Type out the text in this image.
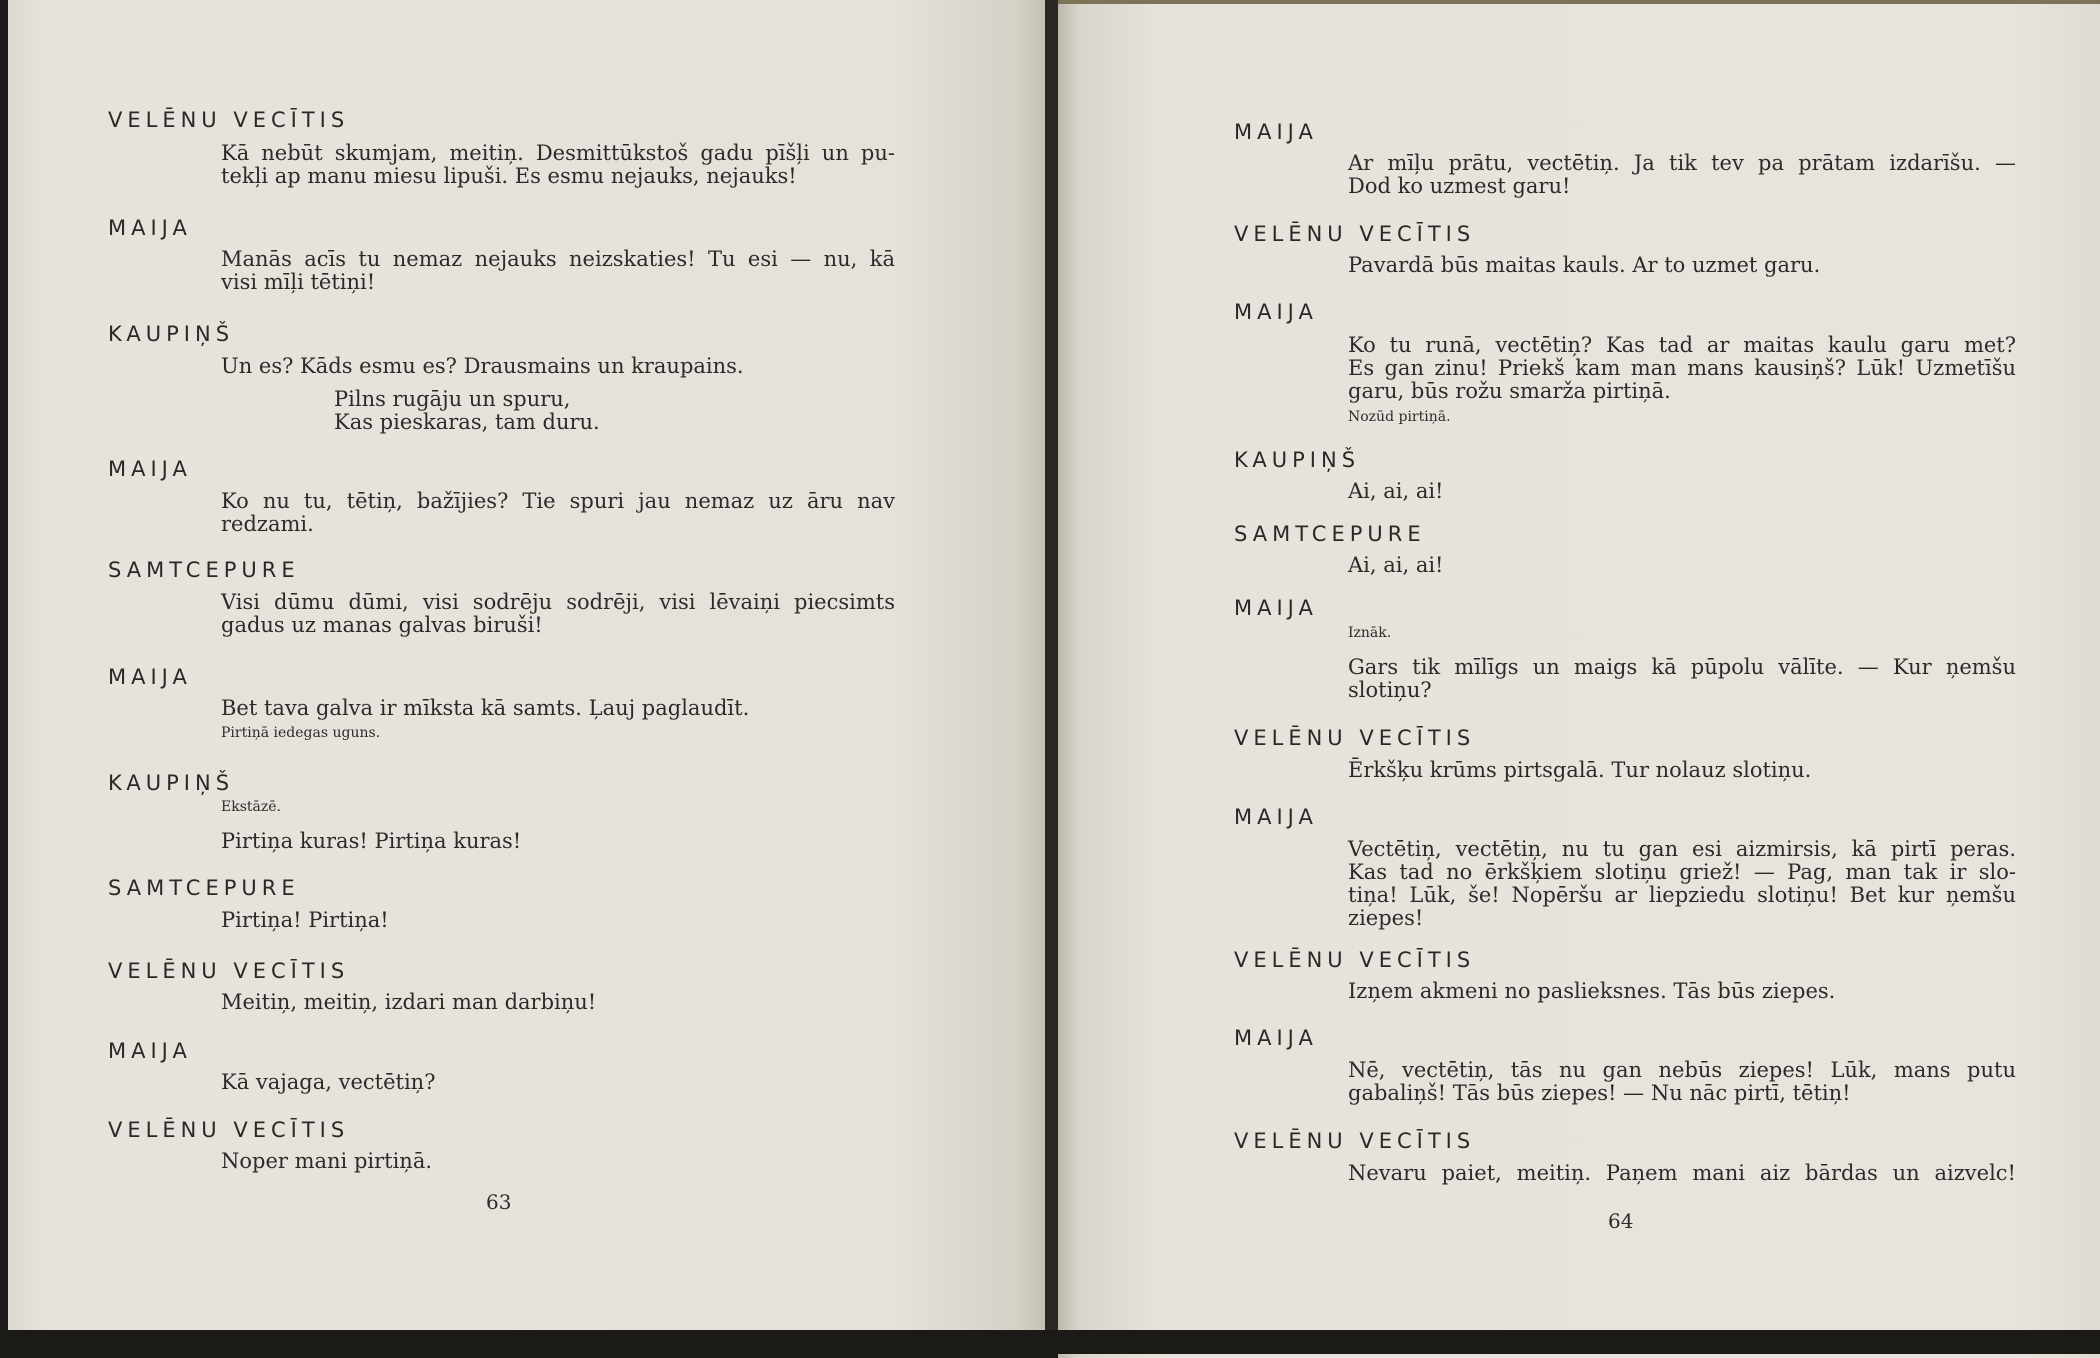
VELĒNU VECĪTIS
Kā nebūt skumjam, meitiņ. Desmittūkstoš gadu pīšļi un pu-
tekļi ap manu miesu lipuši. Es esmu nejauks, nejauks!
MAIJA
Manās acīs tu nemaz nejauks neizskaties! Tu esi — nu, kā
visi mīļi tētiņi!
KAUPIŅŠ
Un es? Kāds esmu es? Drausmains un kraupains.
Pilns rugāju un spuru,
Kas pieskaras, tam duru.
MAIJA
Ko nu tu, tētiņ, bažījies? Tie spuri jau nemaz uz āru nav
redzami.
SAMTCEPURE
Visi dūmu dūmi, visi sodrēju sodrēji, visi lēvaiņi piecsimts
gadus uz manas galvas biruši!
MAIJA
Bet tava galva ir mīksta kā samts. Ļauj paglaudīt.
Pirtiņā iedegas uguns.
KAUPIŅŠ
Ekstāzē.
Pirtiņa kuras! Pirtiņa kuras!
SAMTCEPURE
Pirtiņa! Pirtiņa!
VELĒNU VECĪTIS
Meitiņ, meitiņ, izdari man darbiņu!
MAIJA
Kā vajaga, vectētiņ?
VELĒNU VECĪTIS
Noper mani pirtiņā.
63
MAIJA
Ar mīļu prātu, vectētiņ. Ja tik tev pa prātam izdarīšu. —
Dod ko uzmest garu!
VELĒNU VECĪTIS
Pavardā būs maitas kauls. Ar to uzmet garu.
MAIJA
Ko tu runā, vectētiņ? Kas tad ar maitas kaulu garu met?
Es gan zinu! Priekš kam man mans kausiņš? Lūk! Uzmetīšu
garu, būs rožu smarža pirtiņā.
Nozūd pirtiņā.
KAUPIŅŠ
Ai, ai, ai!
SAMTCEPURE
Ai, ai, ai!
MAIJA
Iznāk.
Gars tik mīlīgs un maigs kā pūpolu vālīte. — Kur ņemšu
slotiņu?
VELĒNU VECĪTIS
Ērkšķu krūms pirtsgalā. Tur nolauz slotiņu.
MAIJA
Vectētiņ, vectētiņ, nu tu gan esi aizmirsis, kā pirtī peras.
Kas tad no ērkšķiem slotiņu griež! — Pag, man tak ir slo-
tiņa! Lūk, še! Nopēršu ar liepziedu slotiņu! Bet kur ņemšu
ziepes!
VELĒNU VECĪTIS
Izņem akmeni no paslieksnes. Tās būs ziepes.
MAIJA
Nē, vectētiņ, tās nu gan nebūs ziepes! Lūk, mans putu
gabaliņš! Tās būs ziepes! — Nu nāc pirtī, tētiņ!
VELĒNU VECĪTIS
Nevaru paiet, meitiņ. Paņem mani aiz bārdas un aizvelc!
64
